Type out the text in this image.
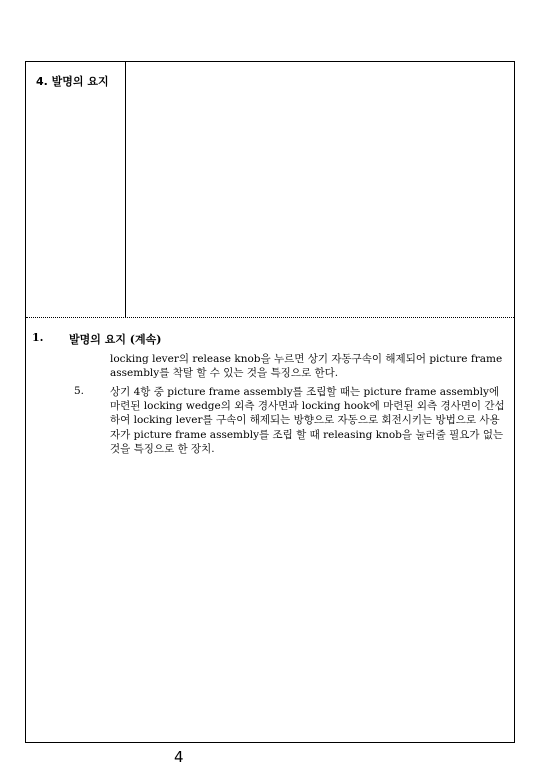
4. 발명의 요지
1. 발명의 요지 (계속)
locking lever의 release knob을 누르면 상기 자동구속이 해제되어 picture frame assembly를 착탈 할 수 있는 것을 특징으로 한다.
5. 상기 4항 중 picture frame assembly를 조립할 때는 picture frame assembly에 마련된 locking wedge의 외측 경사면과 locking hook에 마련된 외측 경사면이 간섭하여 locking lever를 구속이 해제되는 방향으로 자동으로 회전시키는 방법으로 사용자가 picture frame assembly를 조립 할 때 releasing knob을 눌러줄 필요가 없는 것을 특징으로 한 장치.
4
